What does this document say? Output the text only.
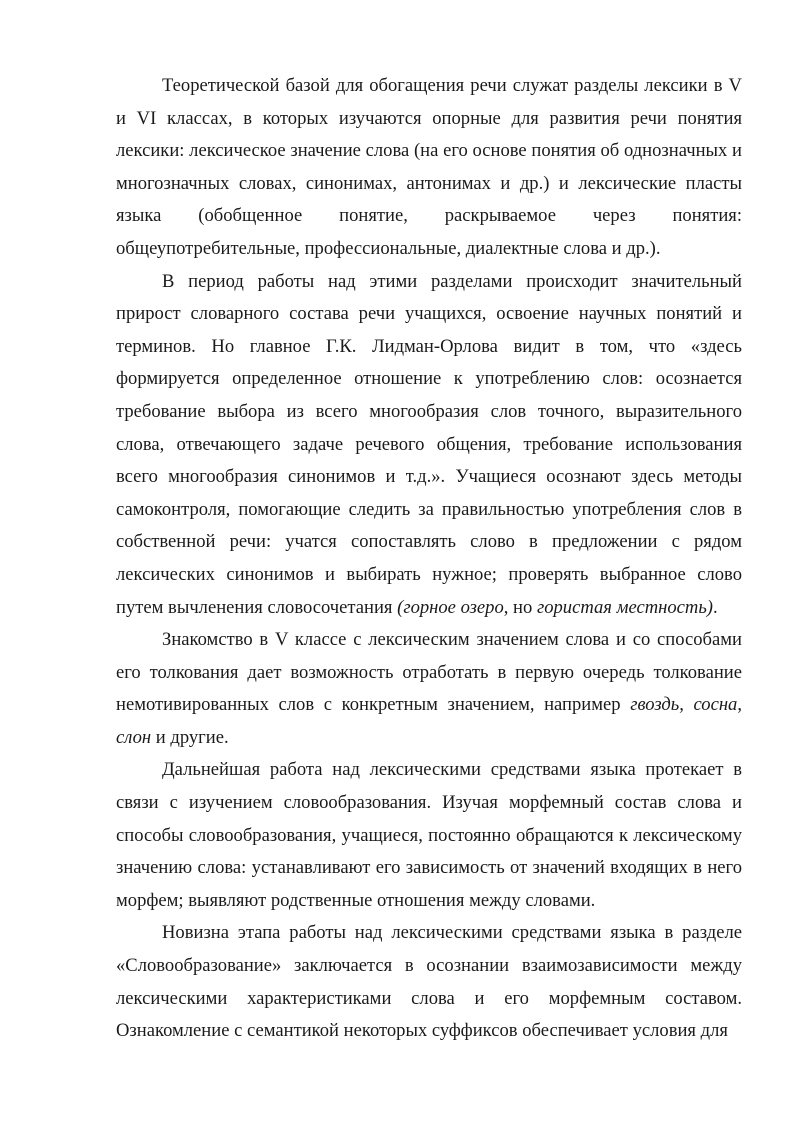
Теоретической базой для обогащения речи служат разделы лексики в V и VI классах, в которых изучаются опорные для развития речи понятия лексики: лексическое значение слова (на его основе понятия об однозначных и многозначных словах, синонимах, антонимах и др.) и лексические пласты языка (обобщенное понятие, раскрываемое через понятия: общеупотребительные, профессиональные, диалектные слова и др.).

В период работы над этими разделами происходит значительный прирост словарного состава речи учащихся, освоение научных понятий и терминов. Но главное Г.К. Лидман-Орлова видит в том, что «здесь формируется определенное отношение к употреблению слов: осознается требование выбора из всего многообразия слов точного, выразительного слова, отвечающего задаче речевого общения, требование использования всего многообразия синонимов и т.д.». Учащиеся осознают здесь методы самоконтроля, помогающие следить за правильностью употребления слов в собственной речи: учатся сопоставлять слово в предложении с рядом лексических синонимов и выбирать нужное; проверять выбранное слово путем вычленения словосочетания (горное озеро, но гористая местность).

Знакомство в V классе с лексическим значением слова и со способами его толкования дает возможность отработать в первую очередь толкование немотивированных слов с конкретным значением, например гвоздь, сосна, слон и другие.

Дальнейшая работа над лексическими средствами языка протекает в связи с изучением словообразования. Изучая морфемный состав слова и способы словообразования, учащиеся, постоянно обращаются к лексическому значению слова: устанавливают его зависимость от значений входящих в него морфем; выявляют родственные отношения между словами.

Новизна этапа работы над лексическими средствами языка в разделе «Словообразование» заключается в осознании взаимозависимости между лексическими характеристиками слова и его морфемным составом. Ознакомление с семантикой некоторых суффиксов обеспечивает условия для
